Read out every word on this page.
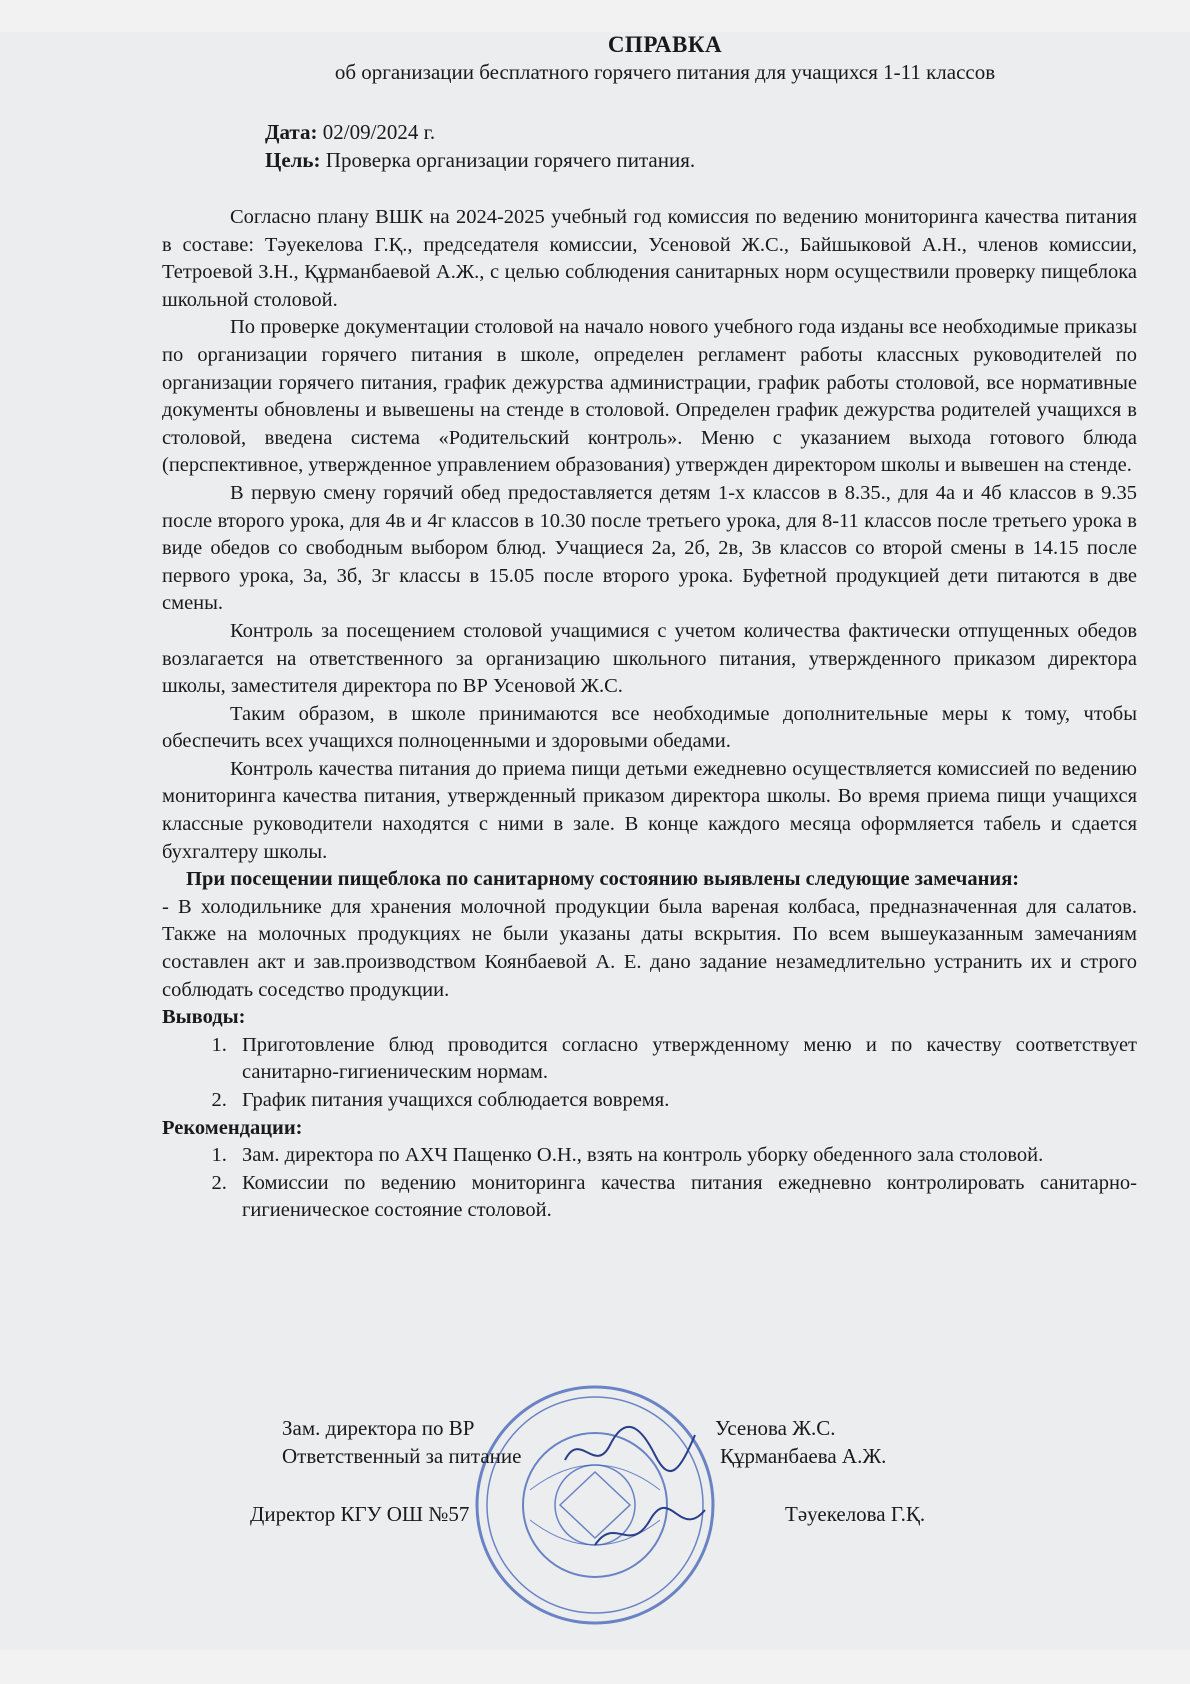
СПРАВКА
об организации бесплатного горячего питания для учащихся 1-11 классов
Дата: 02/09/2024 г.
Цель: Проверка организации горячего питания.

Согласно плану ВШК на 2024-2025 учебный год комиссия по ведению мониторинга качества питания в составе: Тәуекелова Г.Қ., председателя комиссии, Усеновой Ж.С., Байшыковой А.Н., членов комиссии, Тетроевой З.Н., Құрманбаевой А.Ж., с целью соблюдения санитарных норм осуществили проверку пищеблока школьной столовой.

По проверке документации столовой на начало нового учебного года изданы все необходимые приказы по организации горячего питания в школе, определен регламент работы классных руководителей по организации горячего питания, график дежурства администрации, график работы столовой, все нормативные документы обновлены и вывешены на стенде в столовой. Определен график дежурства родителей учащихся в столовой, введена система «Родительский контроль». Меню с указанием выхода готового блюда (перспективное, утвержденное управлением образования) утвержден директором школы и вывешен на стенде.

В первую смену горячий обед предоставляется детям 1-х классов в 8.35., для 4а и 4б классов в 9.35 после второго урока, для 4в и 4г классов в 10.30 после третьего урока, для 8-11 классов после третьего урока в виде обедов со свободным выбором блюд. Учащиеся 2а, 2б, 2в, 3в классов со второй смены в 14.15 после первого урока, 3а, 3б, 3г классы в 15.05 после второго урока. Буфетной продукцией дети питаются в две смены.

Контроль за посещением столовой учащимися с учетом количества фактически отпущенных обедов возлагается на ответственного за организацию школьного питания, утвержденного приказом директора школы, заместителя директора по ВР Усеновой Ж.С.

Таким образом, в школе принимаются все необходимые дополнительные меры к тому, чтобы обеспечить всех учащихся полноценными и здоровыми обедами.

Контроль качества питания до приема пищи детьми ежедневно осуществляется комиссией по ведению мониторинга качества питания, утвержденный приказом директора школы. Во время приема пищи учащихся классные руководители находятся с ними в зале. В конце каждого месяца оформляется табель и сдается бухгалтеру школы.

При посещении пищеблока по санитарному состоянию выявлены следующие замечания:

- В холодильнике для хранения молочной продукции была вареная колбаса, предназначенная для салатов. Также на молочных продукциях не были указаны даты вскрытия. По всем вышеуказанным замечаниям составлен акт и зав.производством Коянбаевой А. Е. дано задание незамедлительно устранить их и строго соблюдать соседство продукции.

Выводы:

1. Приготовление блюд проводится согласно утвержденному меню и по качеству соответствует санитарно-гигиеническим нормам.
2. График питания учащихся соблюдается вовремя.

Рекомендации:

1. Зам. директора по АХЧ Пащенко О.Н., взять на контроль уборку обеденного зала столовой.
2. Комиссии по ведению мониторинга качества питания ежедневно контролировать санитарно-гигиеническое состояние столовой.
Зам. директора по ВР	Усенова Ж.С.
Ответственный за питание	Құрманбаева А.Ж.
Директор КГУ ОШ №57	Тәуекелова Г.Қ.
